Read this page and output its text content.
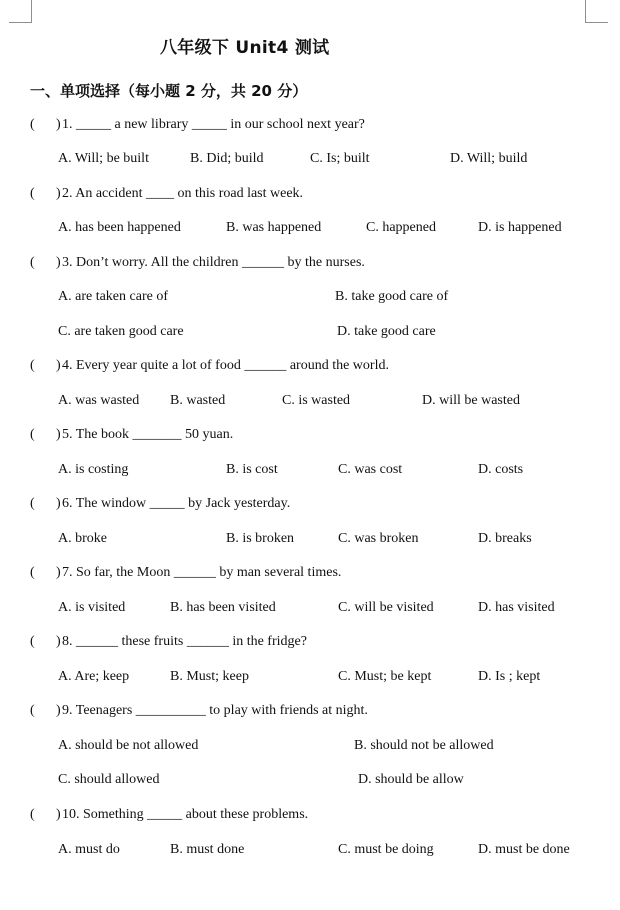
八年级下 Unit4 测试
一、单项选择（每小题 2 分，共 20 分）
( ) 1. _____ a new library _____ in our school next year?
A. Will; be built	B. Did; build	C. Is; built	D. Will; build
( ) 2. An accident ____ on this road last week.
A. has been happened	B. was happened	C. happened	D. is happened
( ) 3. Don’t worry. All the children ______ by the nurses.
A. are taken care of	B. take good care of
C. are taken good care	D. take good care
( ) 4. Every year quite a lot of food ______ around the world.
A. was wasted B. wasted	C. is wasted	D. will be wasted
( ) 5. The book _______ 50 yuan.
A. is costing	B. is cost	C. was cost	D. costs
( ) 6. The window _____ by Jack yesterday.
A. broke	B. is broken	C. was broken	D. breaks
( ) 7. So far, the Moon ______ by man several times.
A. is visited	B. has been visited	C. will be visited	D. has visited
( ) 8. ______ these fruits ______ in the fridge?
A. Are; keep	B. Must; keep	C. Must; be kept	D. Is ; kept
( ) 9. Teenagers __________ to play with friends at night.
A. should be not allowed	B. should not be allowed
C. should allowed	D. should be allow
( ) 10. Something _____ about these problems.
A. must do	B. must done	C. must be doing	D. must be done
